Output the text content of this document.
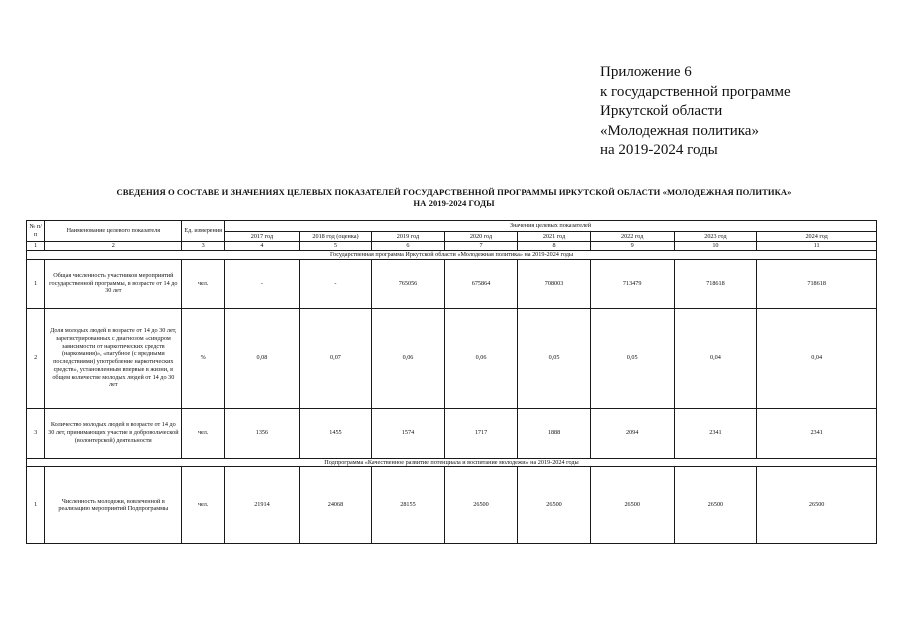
Приложение 6
к государственной программе
Иркутской области
«Молодежная политика»
на 2019-2024 годы
СВЕДЕНИЯ О СОСТАВЕ И ЗНАЧЕНИЯХ ЦЕЛЕВЫХ ПОКАЗАТЕЛЕЙ ГОСУДАРСТВЕННОЙ ПРОГРАММЫ ИРКУТСКОЙ ОБЛАСТИ «МОЛОДЕЖНАЯ ПОЛИТИКА»
НА 2019-2024 ГОДЫ
№ п/п	Наименование целевого показателя	Ед. измерения	Значения целевых показателей							
			2017 год	2018 год (оценка)	2019 год	2020 год	2021 год	2022 год	2023 год	2024 год
1	2	3	4	5	6	7	8	9	10	11
Государственная программа Иркутской области «Молодежная политика» на 2019-2024 годы										
1	Общая численность участников мероприятий государственной программы, в возрасте от 14 до 30 лет	чел.	-	-	765056	675864	708003	713479	718618	718618
2	Доля молодых людей в возрасте от 14 до 30 лет, зарегистрированных с диагнозом «синдром зависимости от наркотических средств (наркомания)», «пагубное (с вредными последствиями) употребление наркотических средств», установленным впервые в жизни, в общем количестве молодых людей от 14 до 30 лет	%	0,08	0,07	0,06	0,06	0,05	0,05	0,04	0,04
3	Количество молодых людей в возрасте от 14 до 30 лет, принимающих участие в добровольческой (волонтерской) деятельности	чел.	1356	1455	1574	1717	1888	2094	2341	2341
Подпрограмма «Качественное развитие потенциала и воспитание молодежи» на 2019-2024 годы										
1	Численность молодежи, вовлеченной в реализацию мероприятий Подпрограммы	чел.	21914	24068	28155	26500	26500	26500	26500	26500
